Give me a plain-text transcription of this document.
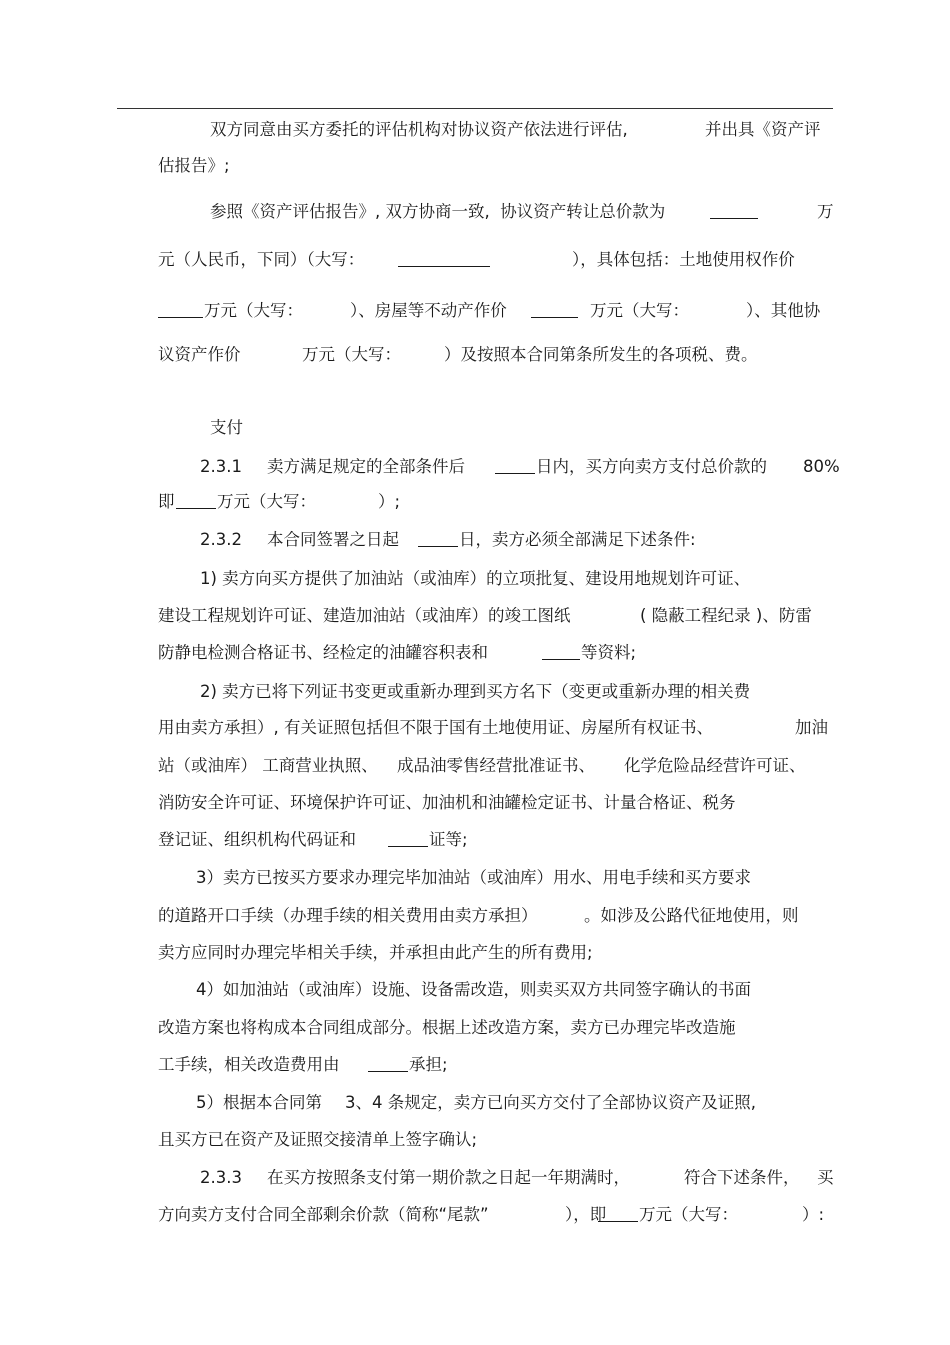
双方同意由买方委托的评估机构对协议资产依法进行评估,	并出具《资产评
估报告》;
参照《资产评估报告》, 双方协商一致,  协议资产转让总价款为	万
元（人民币，下同）（大写：	），具体包括：土地使用权作价
万元（大写：	）、房屋等不动产作价	万元（大写：	）、其他协
议资产作价	万元（大写：	）及按照本合同第条所发生的各项税、费。
支付
2.3.1 卖方满足规定的全部条件后	日内，买方向卖方支付总价款的 80%
即	万元（大写：	）;
2.3.2 本合同签署之日起	日，卖方必须全部满足下述条件:
1) 卖方向买方提供了加油站（或油库）的立项批复、建设用地规划许可证、
建设工程规划许可证、建造加油站（或油库）的竣工图纸	( 隐蔽工程纪录 )、防雷
防静电检测合格证书、经检定的油罐容积表和	等资料;
2) 卖方已将下列证书变更或重新办理到买方名下（变更或重新办理的相关费
用由卖方承担）, 有关证照包括但不限于国有土地使用证、房屋所有权证书、	加油
站（或油库） 工商营业执照、 成品油零售经营批准证书、 化学危险品经营许可证、
消防安全许可证、环境保护许可证、加油机和油罐检定证书、计量合格证、税务
登记证、组织机构代码证和	证等;
3）卖方已按买方要求办理完毕加油站（或油库）用水、用电手续和买方要求
的道路开口手续（办理手续的相关费用由卖方承担）	。如涉及公路代征地使用，则
卖方应同时办理完毕相关手续，并承担由此产生的所有费用;
4）如加油站（或油库）设施、设备需改造，则卖买双方共同签字确认的书面
改造方案也将构成本合同组成部分。根据上述改造方案，卖方已办理完毕改造施
工手续，相关改造费用由	承担;
5）根据本合同第 3、4 条规定，卖方已向买方交付了全部协议资产及证照,
且买方已在资产及证照交接清单上签字确认;
2.3.3 在买方按照条支付第一期价款之日起一年期满时，	符合下述条件， 买
方向卖方支付合同全部剩余价款（简称“尾款”	），即 万元（大写：	）:
